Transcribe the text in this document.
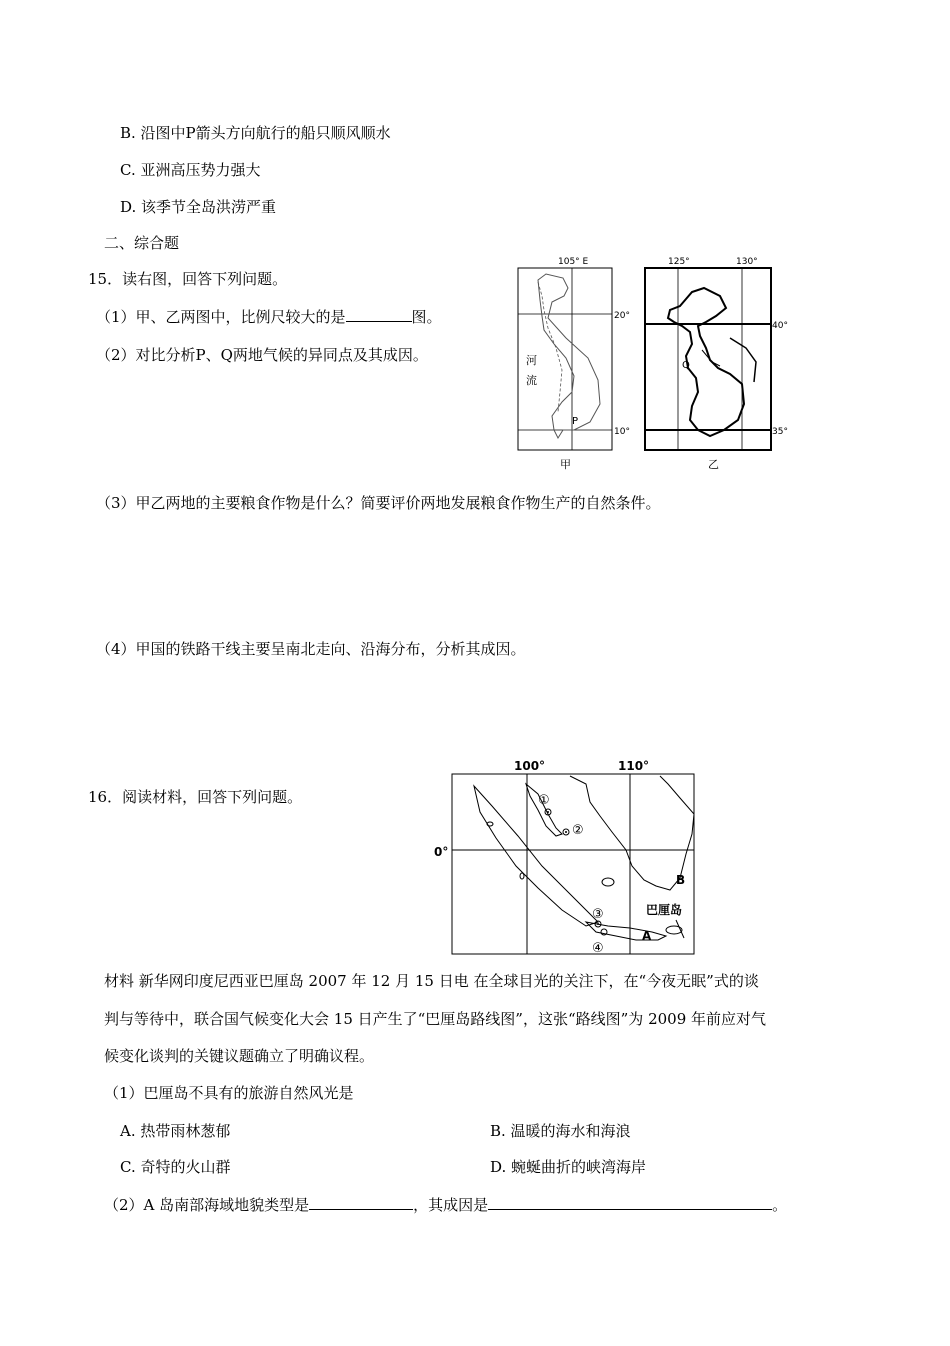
B. 沿图中P箭头方向航行的船只顺风顺水
C. 亚洲高压势力强大
D. 该季节全岛洪涝严重
二、综合题
15．读右图，回答下列问题。
（1）甲、乙两图中，比例尺较大的是	图。
（2）对比分析P、Q两地气候的异同点及其成因。
（3）甲乙两地的主要粮食作物是什么？简要评价两地发展粮食作物生产的自然条件。
（4）甲国的铁路干线主要呈南北走向、沿海分布，分析其成因。
105° E
20°
10°
河
流
P
甲
125°	130°
40°
35°
Q
乙
16．阅读材料，回答下列问题。
100°	110°
0°
①
②
③
④
A
B
巴厘岛
材料 新华网印度尼西亚巴厘岛 2007 年 12 月 15 日电 在全球目光的关注下，在“今夜无眠”式的谈
判与等待中，联合国气候变化大会 15 日产生了“巴厘岛路线图”，这张“路线图”为 2009 年前应对气
候变化谈判的关键议题确立了明确议程。
（1）巴厘岛不具有的旅游自然风光是
A. 热带雨林葱郁	B. 温暖的海水和海浪
C. 奇特的火山群	D. 蜿蜒曲折的峡湾海岸
（2）A 岛南部海域地貌类型是	，其成因是	。
